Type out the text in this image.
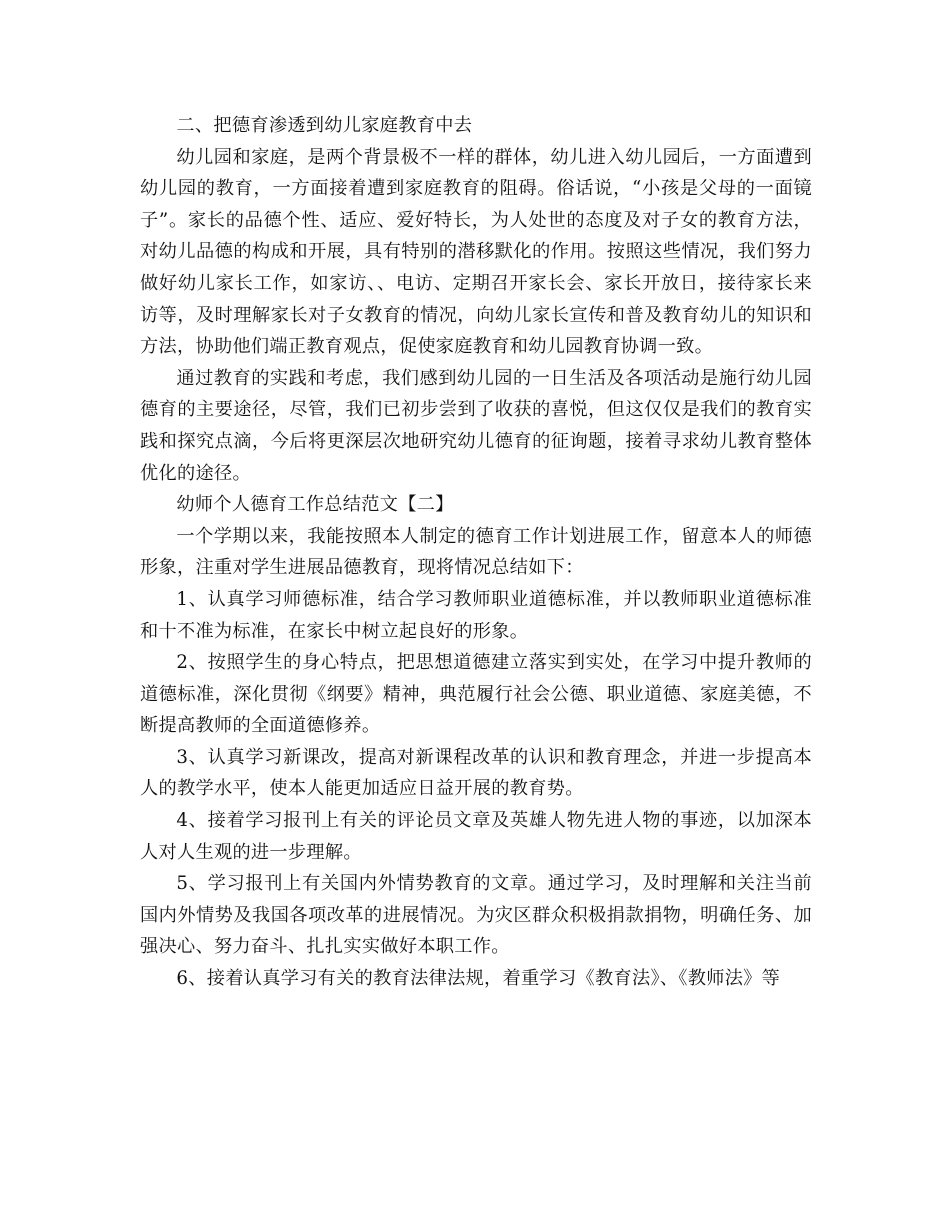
二、把德育渗透到幼儿家庭教育中去

幼儿园和家庭，是两个背景极不一样的群体，幼儿进入幼儿园后，一方面遭到幼儿园的教育，一方面接着遭到家庭教育的阻碍。俗话说，“小孩是父母的一面镜子”。家长的品德个性、适应、爱好特长，为人处世的态度及对子女的教育方法，对幼儿品德的构成和开展，具有特别的潜移默化的作用。按照这些情况，我们努力做好幼儿家长工作，如家访、、电访、定期召开家长会、家长开放日，接待家长来访等，及时理解家长对子女教育的情况，向幼儿家长宣传和普及教育幼儿的知识和方法，协助他们端正教育观点，促使家庭教育和幼儿园教育协调一致。

通过教育的实践和考虑，我们感到幼儿园的一日生活及各项活动是施行幼儿园德育的主要途径，尽管，我们已初步尝到了收获的喜悦，但这仅仅是我们的教育实践和探究点滴，今后将更深层次地研究幼儿德育的征询题，接着寻求幼儿教育整体优化的途径。

幼师个人德育工作总结范文【二】

一个学期以来，我能按照本人制定的德育工作计划进展工作，留意本人的师德形象，注重对学生进展品德教育，现将情况总结如下：

1、认真学习师德标准，结合学习教师职业道德标准，并以教师职业道德标准和十不准为标准，在家长中树立起良好的形象。

2、按照学生的身心特点，把思想道德建立落实到实处，在学习中提升教师的道德标准，深化贯彻《纲要》精神，典范履行社会公德、职业道德、家庭美德，不断提高教师的全面道德修养。

3、认真学习新课改，提高对新课程改革的认识和教育理念，并进一步提高本人的教学水平，使本人能更加适应日益开展的教育势。

4、接着学习报刊上有关的评论员文章及英雄人物先进人物的事迹，以加深本人对人生观的进一步理解。

5、学习报刊上有关国内外情势教育的文章。通过学习，及时理解和关注当前国内外情势及我国各项改革的进展情况。为灾区群众积极捐款捐物，明确任务、加强决心、努力奋斗、扎扎实实做好本职工作。

6、接着认真学习有关的教育法律法规，着重学习《教育法》、《教师法》等
